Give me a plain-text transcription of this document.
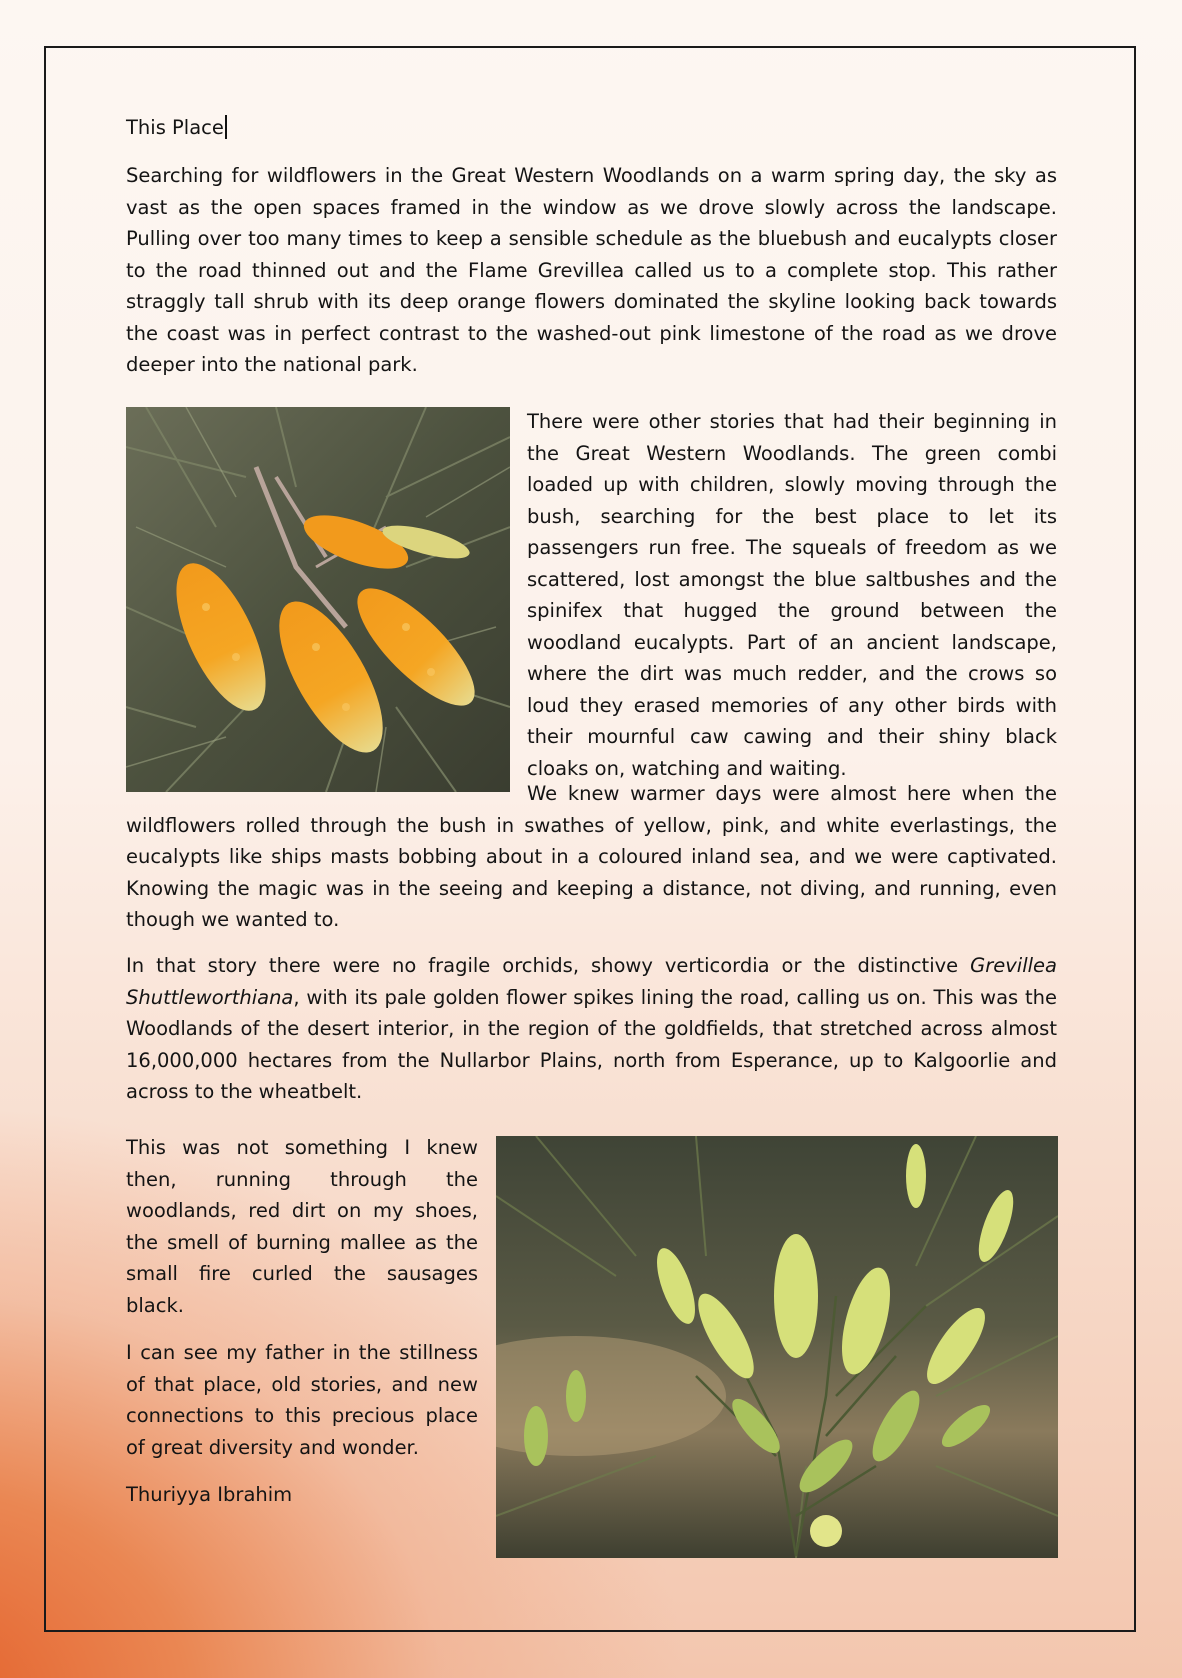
This Place

Searching for wildflowers in the Great Western Woodlands on a warm spring day, the sky as vast as the open spaces framed in the window as we drove slowly across the landscape. Pulling over too many times to keep a sensible schedule as the bluebush and eucalypts closer to the road thinned out and the Flame Grevillea called us to a complete stop. This rather straggly tall shrub with its deep orange flowers dominated the skyline looking back towards the coast was in perfect contrast to the washed-out pink limestone of the road as we drove deeper into the national park.

There were other stories that had their beginning in the Great Western Woodlands. The green combi loaded up with children, slowly moving through the bush, searching for the best place to let its passengers run free. The squeals of freedom as we scattered, lost amongst the blue saltbushes and the spinifex that hugged the ground between the woodland eucalypts. Part of an ancient landscape, where the dirt was much redder, and the crows so loud they erased memories of any other birds with their mournful caw cawing and their shiny black cloaks on, watching and waiting.

We knew warmer days were almost here when the wildflowers rolled through the bush in swathes of yellow, pink, and white everlastings, the eucalypts like ships masts bobbing about in a coloured inland sea, and we were captivated. Knowing the magic was in the seeing and keeping a distance, not diving, and running, even though we wanted to.

In that story there were no fragile orchids, showy verticordia or the distinctive Grevillea Shuttleworthiana, with its pale golden flower spikes lining the road, calling us on. This was the Woodlands of the desert interior, in the region of the goldfields, that stretched across almost 16,000,000 hectares from the Nullarbor Plains, north from Esperance, up to Kalgoorlie and across to the wheatbelt.

This was not something I knew then, running through the woodlands, red dirt on my shoes, the smell of burning mallee as the small fire curled the sausages black.

I can see my father in the stillness of that place, old stories, and new connections to this precious place of great diversity and wonder.

Thuriyya Ibrahim
